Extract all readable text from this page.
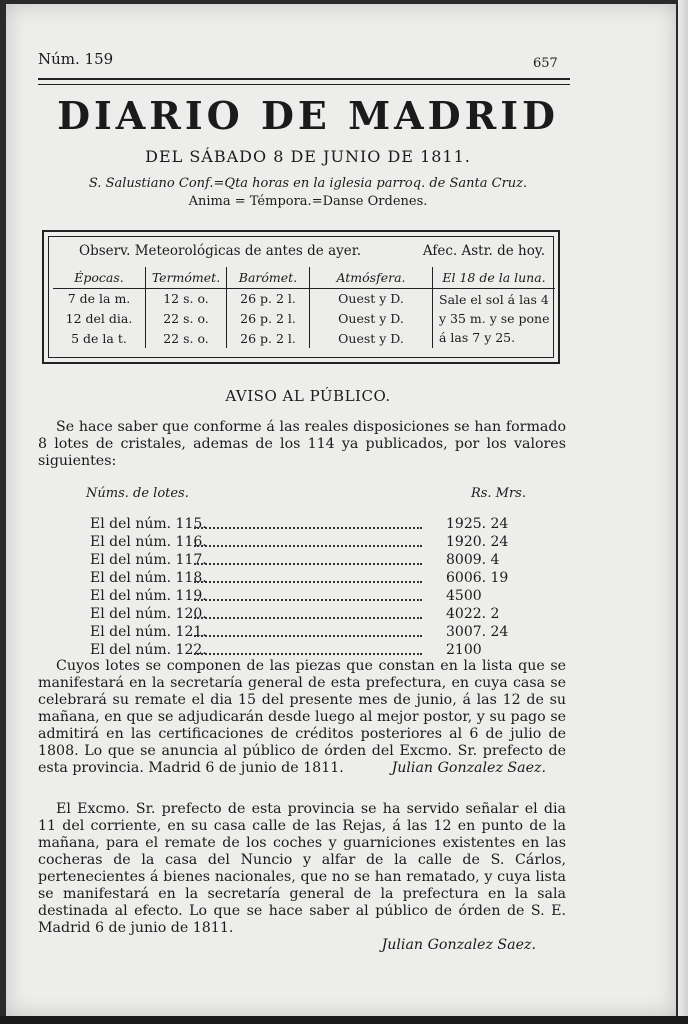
Núm. 159	657
DIARIO DE MADRID
DEL SÁBADO 8 DE JUNIO DE 1811.
S. Salustiano Conf.=Qta horas en la iglesia parroq. de Santa Cruz.
Anima = Témpora.=Danse Ordenes.
Observ. Meteorológicas de antes de ayer.	Afec. Astr. de hoy.
Épocas.	Termómet.	Barómet.	Atmósfera.	El 18 de la luna.
7 de la m.	12 s. o.	26 p. 2 l.	Ouest y D.	Sale el sol á las 4 y 35 m. y se pone á las 7 y 25.
12 del dia.	22 s. o.	26 p. 2 l.	Ouest y D.	
5 de la t.	22 s. o.	26 p. 2 l.	Ouest y D.	
AVISO AL PÚBLICO.

Se hace saber que conforme á las reales disposiciones se han formado 8 lotes de cristales, ademas de los 114 ya publicados, por los valores siguientes:

Núms. de lotes.	Rs. Mrs.
El del núm. 115.	1925. 24
El del núm. 116.	1920. 24
El del núm. 117.	8009. 4
El del núm. 118.	6006. 19
El del núm. 119.	4500
El del núm. 120.	4022. 2
El del núm. 121.	3007. 24
El del núm. 122.	2100

Cuyos lotes se componen de las piezas que constan en la lista que se manifestará en la secretaría general de esta prefectura, en cuya casa se celebrará su remate el dia 15 del presente mes de junio, á las 12 de su mañana, en que se adjudicarán desde luego al mejor postor, y su pago se admitirá en las certificaciones de créditos posteriores al 6 de julio de 1808. Lo que se anuncia al público de órden del Excmo. Sr. prefecto de esta provincia. Madrid 6 de junio de 1811.	Julian Gonzalez Saez.

El Excmo. Sr. prefecto de esta provincia se ha servido señalar el dia 11 del corriente, en su casa calle de las Rejas, á las 12 en punto de la mañana, para el remate de los coches y guarniciones existentes en las cocheras de la casa del Nuncio y alfar de la calle de S. Cárlos, pertenecientes á bienes nacionales, que no se han rematado, y cuya lista se manifestará en la secretaría general de la prefectura en la sala destinada al efecto. Lo que se hace saber al público de órden de S. E. Madrid 6 de junio de 1811.

Julian Gonzalez Saez.
